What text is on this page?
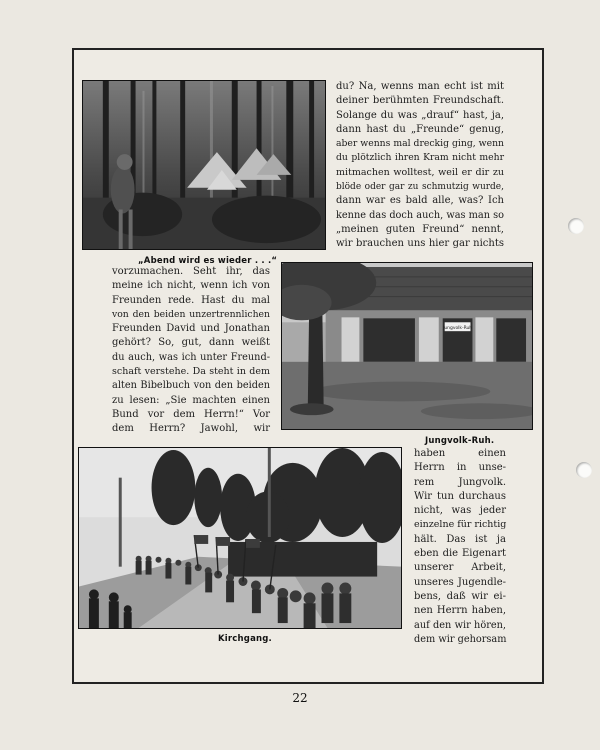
„Abend wird es wieder . . .“
du? Na, wenns man echt ist mit
deiner berühmten Freundschaft.
Solange du was „drauf“ hast, ja,
dann hast du „Freunde“ genug,
aber wenns mal dreckig ging, wenn
du plötzlich ihren Kram nicht mehr
mitmachen wolltest, weil er dir zu
blöde oder gar zu schmutzig wurde,
dann war es bald alle, was? Ich
kenne das doch auch, was man so
„meinen guten Freund“ nennt,
wir brauchen uns hier gar nichts
vorzumachen. Seht ihr, das
meine ich nicht, wenn ich von
Freunden rede. Hast du mal
von den beiden unzertrennlichen
Freunden David und Jonathan
gehört? So, gut, dann weißt
du auch, was ich unter Freund-
schaft verstehe. Da steht in dem
alten Bibelbuch von den beiden
zu lesen: „Sie machten einen
Bund vor dem Herrn!“ Vor
dem Herrn? Jawohl, wir
Jungvolk-Ruh
Jungvolk-Ruh.
Kirchgang.
haben einen
Herrn in unse-
rem Jungvolk.
Wir tun durchaus
nicht, was jeder
einzelne für richtig
hält. Das ist ja
eben die Eigenart
unserer Arbeit,
unseres Jugendle-
bens, daß wir ei-
nen Herrn haben,
auf den wir hören,
dem wir gehorsam
22
